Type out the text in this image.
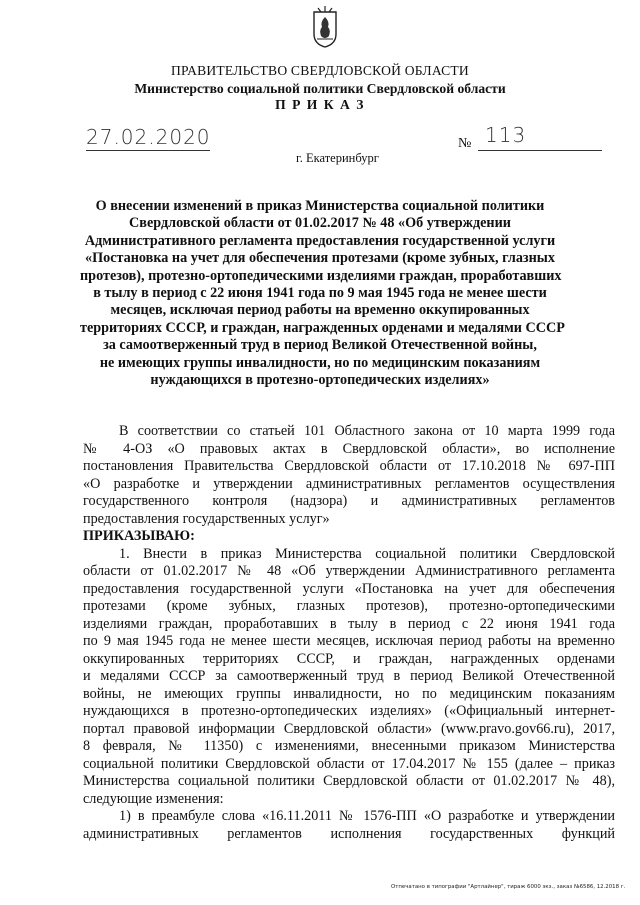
ПРАВИТЕЛЬСТВО СВЕРДЛОВСКОЙ ОБЛАСТИ
Министерство социальной политики Свердловской области
П Р И К А З
27.02.2020	№ 113
г. Екатеринбург
О внесении изменений в приказ Министерства социальной политики
Свердловской области от 01.02.2017 № 48 «Об утверждении
Административного регламента предоставления государственной услуги
«Постановка на учет для обеспечения протезами (кроме зубных, глазных
протезов), протезно-ортопедическими изделиями граждан, проработавших
в тылу в период с 22 июня 1941 года по 9 мая 1945 года не менее шести
месяцев, исключая период работы на временно оккупированных
территориях СССР, и граждан, награжденных орденами и медалями СССР
за самоотверженный труд в период Великой Отечественной войны,
не имеющих группы инвалидности, но по медицинским показаниям
нуждающихся в протезно-ортопедических изделиях»
В соответствии со статьей 101 Областного закона от 10 марта 1999 года
№ 4-ОЗ «О правовых актах в Свердловской области», во исполнение
постановления Правительства Свердловской области от 17.10.2018 № 697-ПП
«О разработке и утверждении административных регламентов осуществления
государственного контроля (надзора) и административных регламентов
предоставления государственных услуг»
ПРИКАЗЫВАЮ:
1. Внести в приказ Министерства социальной политики Свердловской
области от 01.02.2017 № 48 «Об утверждении Административного регламента
предоставления государственной услуги «Постановка на учет для обеспечения
протезами (кроме зубных, глазных протезов), протезно-ортопедическими
изделиями граждан, проработавших в тылу в период с 22 июня 1941 года
по 9 мая 1945 года не менее шести месяцев, исключая период работы на временно
оккупированных территориях СССР, и граждан, награжденных орденами
и медалями СССР за самоотверженный труд в период Великой Отечественной
войны, не имеющих группы инвалидности, но по медицинским показаниям
нуждающихся в протезно-ортопедических изделиях» («Официальный интернет-
портал правовой информации Свердловской области» (www.pravo.gov66.ru), 2017,
8 февраля, № 11350) с изменениями, внесенными приказом Министерства
социальной политики Свердловской области от 17.04.2017 № 155 (далее – приказ
Министерства социальной политики Свердловской области от 01.02.2017 № 48),
следующие изменения:
1) в преамбуле слова «16.11.2011 № 1576-ПП «О разработке и утверждении
административных регламентов исполнения государственных функций
Отпечатано в типографии "Артлайнер", тираж 6000 экз., заказ №6586, 12.2018 г.
